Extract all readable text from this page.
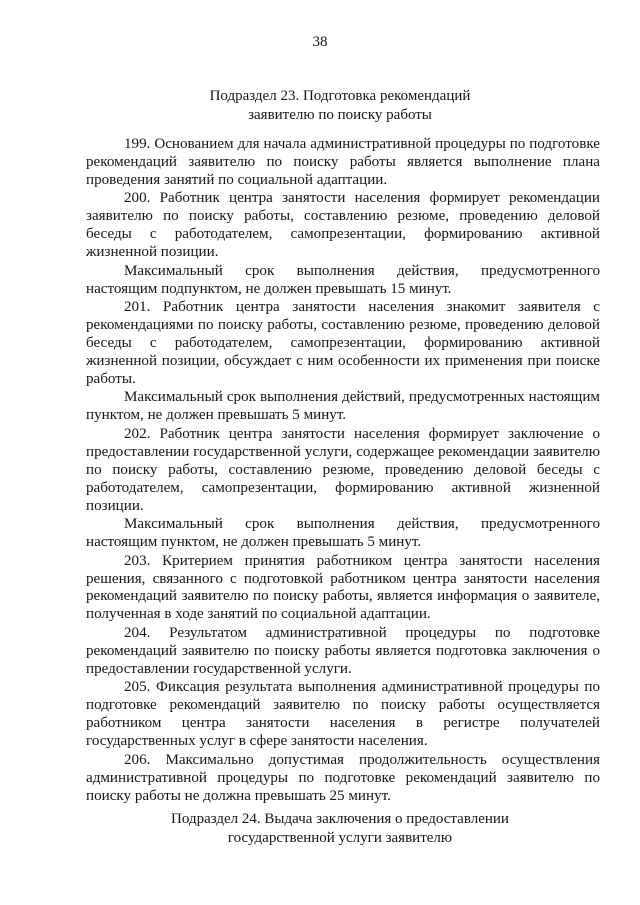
38
Подраздел 23. Подготовка рекомендаций
заявителю по поиску работы

199. Основанием для начала административной процедуры по подготовке рекомендаций заявителю по поиску работы является выполнение плана проведения занятий по социальной адаптации.

200. Работник центра занятости населения формирует рекомендации заявителю по поиску работы, составлению резюме, проведению деловой беседы с работодателем, самопрезентации, формированию активной жизненной позиции.

Максимальный срок выполнения действия, предусмотренного настоящим подпунктом, не должен превышать 15 минут.

201. Работник центра занятости населения знакомит заявителя с рекомендациями по поиску работы, составлению резюме, проведению деловой беседы с работодателем, самопрезентации, формированию активной жизненной позиции, обсуждает с ним особенности их применения при поиске работы.

Максимальный срок выполнения действий, предусмотренных настоящим пунктом, не должен превышать 5 минут.

202. Работник центра занятости населения формирует заключение о предоставлении государственной услуги, содержащее рекомендации заявителю по поиску работы, составлению резюме, проведению деловой беседы с работодателем, самопрезентации, формированию активной жизненной позиции.

Максимальный срок выполнения действия, предусмотренного настоящим пунктом, не должен превышать 5 минут.

203. Критерием принятия работником центра занятости населения решения, связанного с подготовкой работником центра занятости населения рекомендаций заявителю по поиску работы, является информация о заявителе, полученная в ходе занятий по социальной адаптации.

204. Результатом административной процедуры по подготовке рекомендаций заявителю по поиску работы является подготовка заключения о предоставлении государственной услуги.

205. Фиксация результата выполнения административной процедуры по подготовке рекомендаций заявителю по поиску работы осуществляется работником центра занятости населения в регистре получателей государственных услуг в сфере занятости населения.

206. Максимально допустимая продолжительность осуществления административной процедуры по подготовке рекомендаций заявителю по поиску работы не должна превышать 25 минут.

Подраздел 24. Выдача заключения о предоставлении
государственной услуги заявителю
